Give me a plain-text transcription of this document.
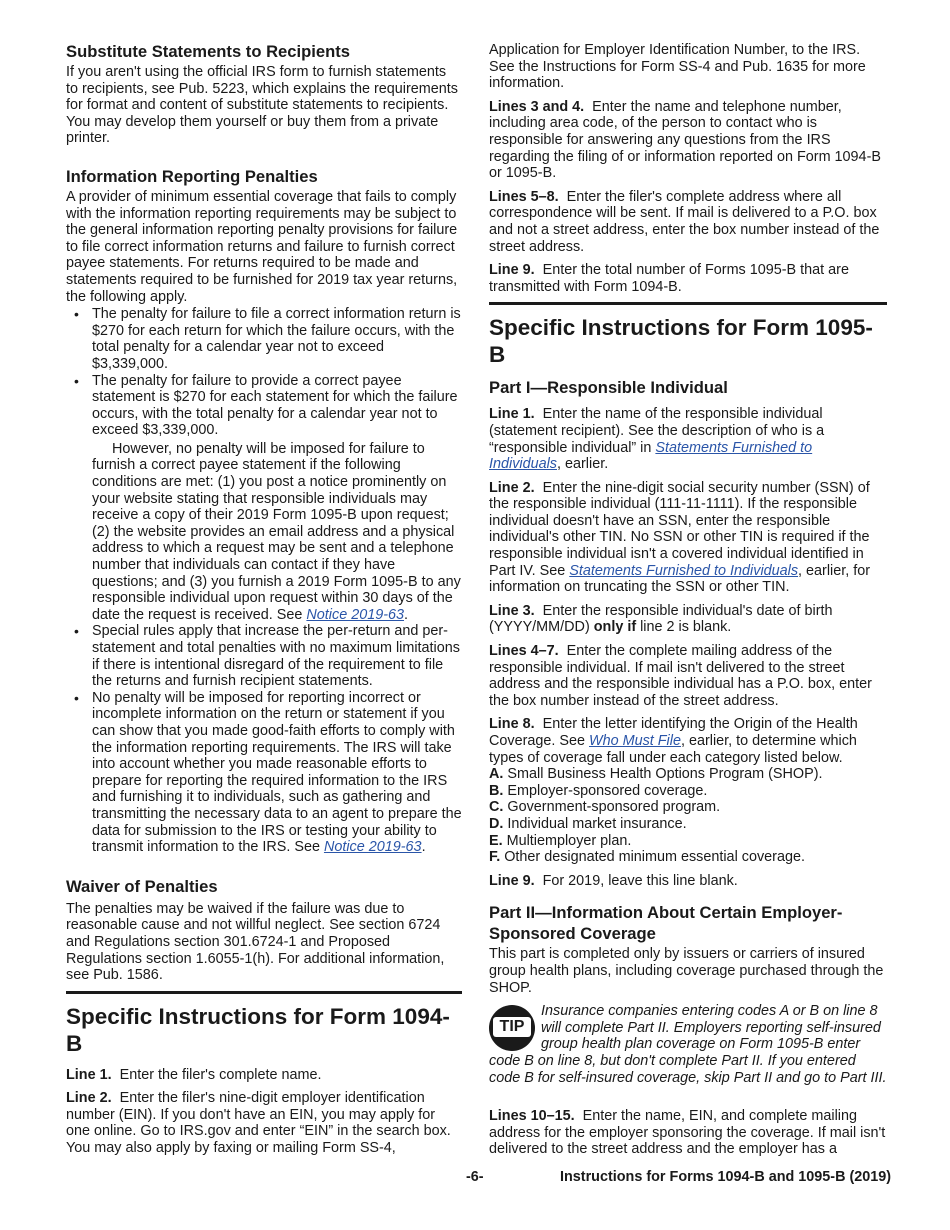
Substitute Statements to Recipients

If you aren't using the official IRS form to furnish statements to recipients, see Pub. 5223, which explains the requirements for format and content of substitute statements to recipients. You may develop them yourself or buy them from a private printer.

Information Reporting Penalties

A provider of minimum essential coverage that fails to comply with the information reporting requirements may be subject to the general information reporting penalty provisions for failure to file correct information returns and failure to furnish correct payee statements. For returns required to be made and statements required to be furnished for 2019 tax year returns, the following apply.

• The penalty for failure to file a correct information return is $270 for each return for which the failure occurs, with the total penalty for a calendar year not to exceed $3,339,000.
• The penalty for failure to provide a correct payee statement is $270 for each statement for which the failure occurs, with the total penalty for a calendar year not to exceed $3,339,000.
However, no penalty will be imposed for failure to furnish a correct payee statement if the following conditions are met: (1) you post a notice prominently on your website stating that responsible individuals may receive a copy of their 2019 Form 1095-B upon request; (2) the website provides an email address and a physical address to which a request may be sent and a telephone number that individuals can contact if they have questions; and (3) you furnish a 2019 Form 1095-B to any responsible individual upon request within 30 days of the date the request is received. See Notice 2019-63.
• Special rules apply that increase the per-return and per-statement and total penalties with no maximum limitations if there is intentional disregard of the requirement to file the returns and furnish recipient statements.
• No penalty will be imposed for reporting incorrect or incomplete information on the return or statement if you can show that you made good-faith efforts to comply with the information reporting requirements. The IRS will take into account whether you made reasonable efforts to prepare for reporting the required information to the IRS and furnishing it to individuals, such as gathering and transmitting the necessary data to an agent to prepare the data for submission to the IRS or testing your ability to transmit information to the IRS. See Notice 2019-63.
Waiver of Penalties

The penalties may be waived if the failure was due to reasonable cause and not willful neglect. See section 6724 and Regulations section 301.6724-1 and Proposed Regulations section 1.6055-1(h). For additional information, see Pub. 1586.

Specific Instructions for Form 1094-B

Line 1. Enter the filer's complete name.

Line 2. Enter the filer's nine-digit employer identification number (EIN). If you don't have an EIN, you may apply for one online. Go to IRS.gov and enter “EIN” in the search box. You may also apply by faxing or mailing Form SS-4,

Application for Employer Identification Number, to the IRS. See the Instructions for Form SS-4 and Pub. 1635 for more information.

Lines 3 and 4. Enter the name and telephone number, including area code, of the person to contact who is responsible for answering any questions from the IRS regarding the filing of or information reported on Form 1094-B or 1095-B.

Lines 5–8. Enter the filer's complete address where all correspondence will be sent. If mail is delivered to a P.O. box and not a street address, enter the box number instead of the street address.

Line 9. Enter the total number of Forms 1095-B that are transmitted with Form 1094-B.

Specific Instructions for Form 1095-B
Part I—Responsible Individual

Line 1. Enter the name of the responsible individual (statement recipient). See the description of who is a “responsible individual” in Statements Furnished to Individuals, earlier.

Line 2. Enter the nine-digit social security number (SSN) of the responsible individual (111-11-1111). If the responsible individual doesn't have an SSN, enter the responsible individual's other TIN. No SSN or other TIN is required if the responsible individual isn't a covered individual identified in Part IV. See Statements Furnished to Individuals, earlier, for information on truncating the SSN or other TIN.

Line 3. Enter the responsible individual's date of birth (YYYY/MM/DD) only if line 2 is blank.

Lines 4–7. Enter the complete mailing address of the responsible individual. If mail isn't delivered to the street address and the responsible individual has a P.O. box, enter the box number instead of the street address.

Line 8. Enter the letter identifying the Origin of the Health Coverage. See Who Must File, earlier, to determine which types of coverage fall under each category listed below.
A. Small Business Health Options Program (SHOP).
B. Employer-sponsored coverage.
C. Government-sponsored program.
D. Individual market insurance.
E. Multiemployer plan.
F. Other designated minimum essential coverage.

Line 9. For 2019, leave this line blank.

Part II—Information About Certain Employer-Sponsored Coverage

This part is completed only by issuers or carriers of insured group health plans, including coverage purchased through the SHOP.

TIP
Insurance companies entering codes A or B on line 8 will complete Part II. Employers reporting self-insured group health plan coverage on Form 1095-B enter code B on line 8, but don't complete Part II. If you entered code B for self-insured coverage, skip Part II and go to Part III.

Lines 10–15. Enter the name, EIN, and complete mailing address for the employer sponsoring the coverage. If mail isn't delivered to the street address and the employer has a

-6-	Instructions for Forms 1094-B and 1095-B (2019)
